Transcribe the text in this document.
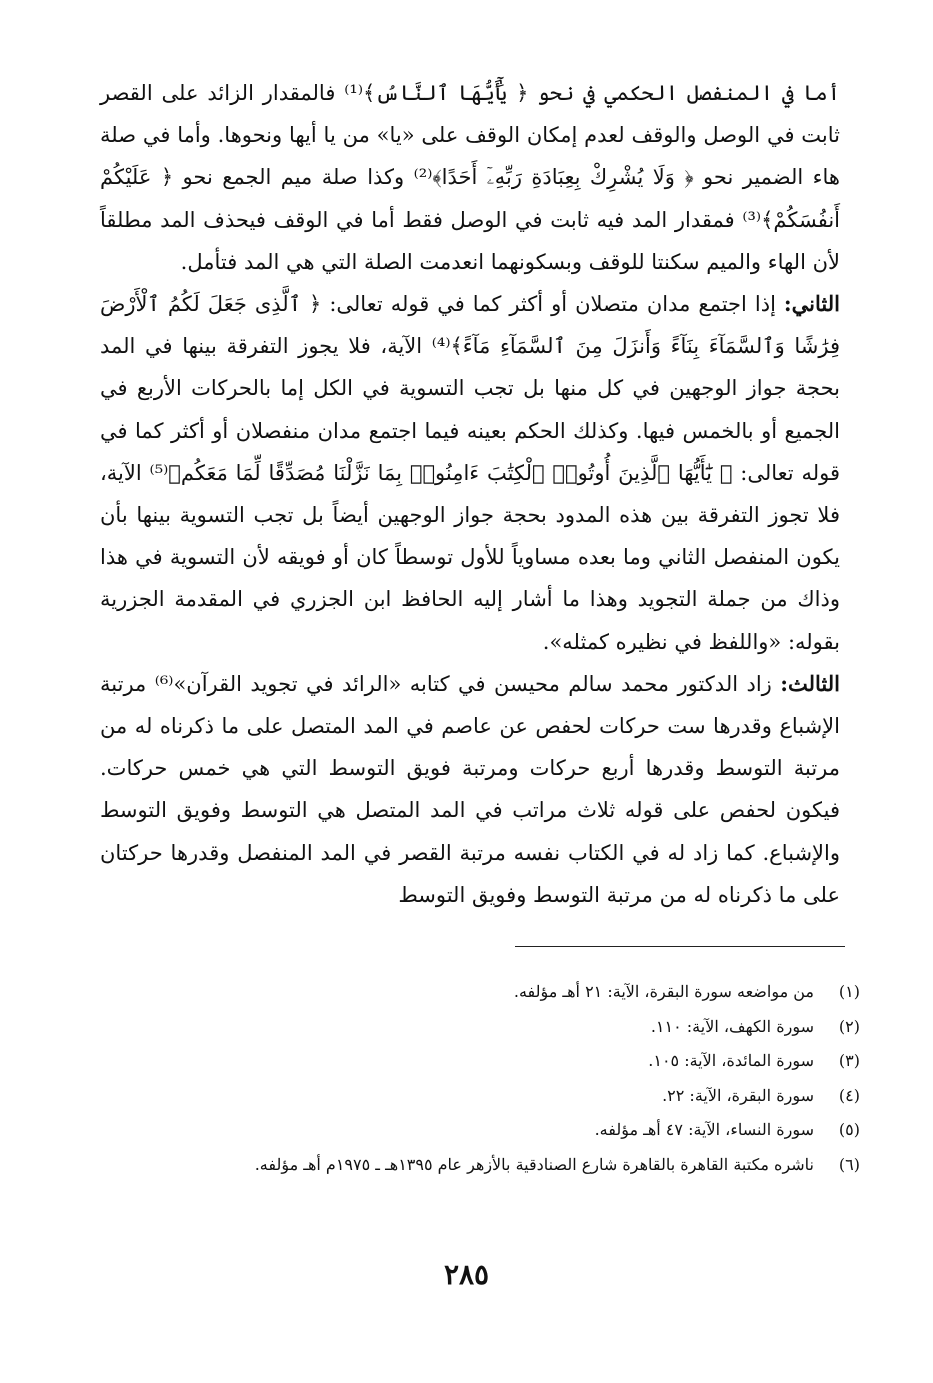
أما في المنفصل الحكمي في نحو ﴿ يَٰٓأَيُّهَا ٱلنَّاسُ﴾⁽¹⁾ فالمقدار الزائد على القصر ثابت في الوصل والوقف لعدم إمكان الوقف على «يا» من يا أيها ونحوها. وأما في صلة هاء الضمير نحو ﴿ وَلَا يُشْرِكْ بِعِبَادَةِ رَبِّهِۦٓ أَحَدًا﴾⁽²⁾ وكذا صلة ميم الجمع نحو ﴿ عَلَيْكُمْ أَنفُسَكُمْ﴾⁽³⁾ فمقدار المد فيه ثابت في الوصل فقط أما في الوقف فيحذف المد مطلقاً لأن الهاء والميم سكنتا للوقف وبسكونهما انعدمت الصلة التي هي المد فتأمل.

الثاني: إذا اجتمع مدان متصلان أو أكثر كما في قوله تعالى: ﴿ ٱلَّذِى جَعَلَ لَكُمُ ٱلْأَرْضَ فِرَٰشًا وَٱلسَّمَآءَ بِنَآءً وَأَنزَلَ مِنَ ٱلسَّمَآءِ مَآءً﴾⁽⁴⁾ الآية، فلا يجوز التفرقة بينها في المد بحجة جواز الوجهين في كل منها بل تجب التسوية في الكل إما بالحركات الأربع في الجميع أو بالخمس فيها. وكذلك الحكم بعينه فيما اجتمع مدان منفصلان أو أكثر كما في قوله تعالى: ﴿ يَٰٓأَيُّهَا ٱلَّذِينَ أُوتُوا۟ ٱلْكِتَٰبَ ءَامِنُوا۟ بِمَا نَزَّلْنَا مُصَدِّقًا لِّمَا مَعَكُم﴾⁽⁵⁾ الآية، فلا تجوز التفرقة بين هذه المدود بحجة جواز الوجهين أيضاً بل تجب التسوية بينها بأن يكون المنفصل الثاني وما بعده مساوياً للأول توسطاً كان أو فويقه لأن التسوية في هذا وذاك من جملة التجويد وهذا ما أشار إليه الحافظ ابن الجزري في المقدمة الجزرية بقوله: «واللفظ في نظيره كمثله».

الثالث: زاد الدكتور محمد سالم محيسن في كتابه «الرائد في تجويد القرآن»⁽⁶⁾ مرتبة الإشباع وقدرها ست حركات لحفص عن عاصم في المد المتصل على ما ذكرناه له من مرتبة التوسط وقدرها أربع حركات ومرتبة فويق التوسط التي هي خمس حركات. فيكون لحفص على قوله ثلاث مراتب في المد المتصل هي التوسط وفويق التوسط والإشباع. كما زاد له في الكتاب نفسه مرتبة القصر في المد المنفصل وقدرها حركتان على ما ذكرناه له من مرتبة التوسط وفويق التوسط

(١)من مواضعه سورة البقرة، الآية: ٢١ أهـ مؤلفه.
(٢)سورة الكهف، الآية: ١١٠.
(٣)سورة المائدة، الآية: ١٠٥.
(٤)سورة البقرة، الآية: ٢٢.
(٥)سورة النساء، الآية: ٤٧ أهـ مؤلفه.
(٦)ناشره مكتبة القاهرة بالقاهرة شارع الصنادقية بالأزهر عام ١٣٩٥هـ ـ ١٩٧٥م أهـ مؤلفه.
٢٨٥
